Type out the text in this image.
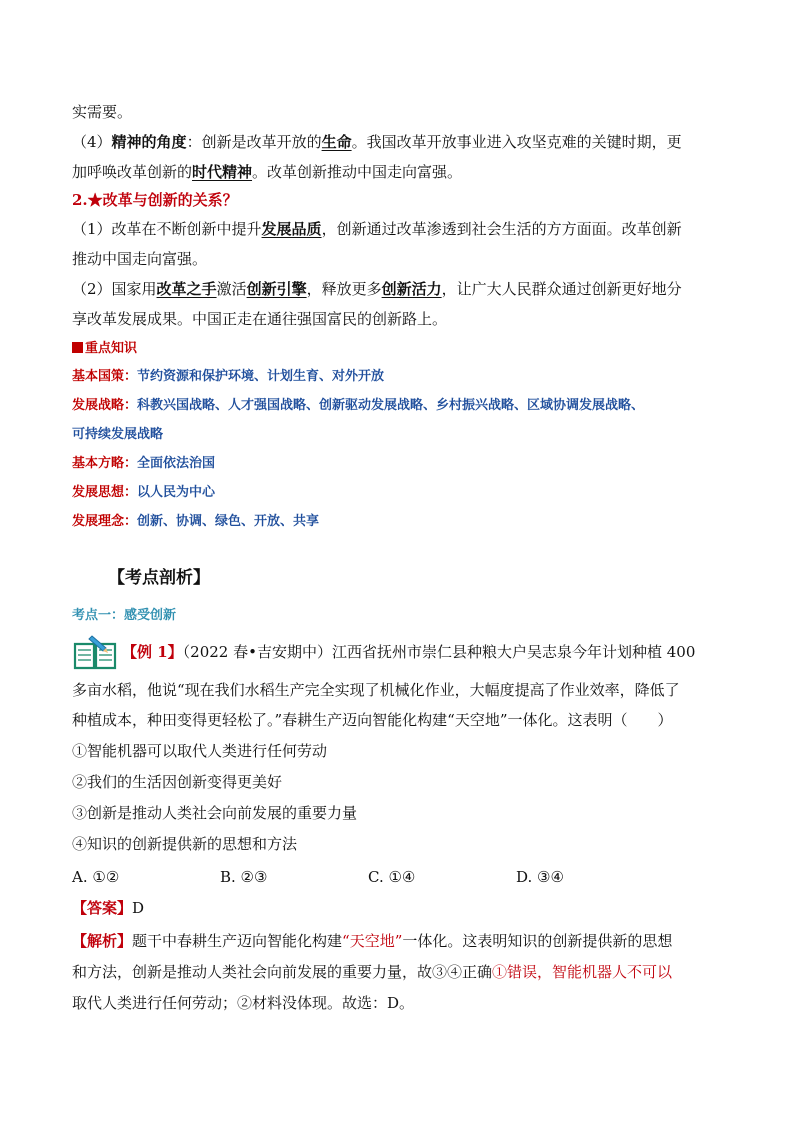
实需要。
（4）精神的角度：创新是改革开放的生命。我国改革开放事业进入攻坚克难的关键时期，更
加呼唤改革创新的时代精神。改革创新推动中国走向富强。
2.★改革与创新的关系？
（1）改革在不断创新中提升发展品质，创新通过改革渗透到社会生活的方方面面。改革创新
推动中国走向富强。
（2）国家用改革之手激活创新引擎，释放更多创新活力，让广大人民群众通过创新更好地分
享改革发展成果。中国正走在通往强国富民的创新路上。
重点知识
基本国策：节约资源和保护环境、计划生育、对外开放
发展战略：科教兴国战略、人才强国战略、创新驱动发展战略、乡村振兴战略、区域协调发展战略、
可持续发展战略
基本方略：全面依法治国
发展思想：以人民为中心
发展理念：创新、协调、绿色、开放、共享
【考点剖析】
考点一：感受创新
【例 1】（2022 春•吉安期中）江西省抚州市崇仁县种粮大户吴志泉今年计划种植 400
多亩水稻，他说“现在我们水稻生产完全实现了机械化作业，大幅度提高了作业效率，降低了
种植成本，种田变得更轻松了。”春耕生产迈向智能化构建“天空地”一体化。这表明（　　）
①智能机器可以取代人类进行任何劳动
②我们的生活因创新变得更美好
③创新是推动人类社会向前发展的重要力量
④知识的创新提供新的思想和方法
A. ①②	B. ②③	C. ①④	D. ③④
【答案】D
【解析】题干中春耕生产迈向智能化构建“天空地”一体化。这表明知识的创新提供新的思想
和方法，创新是推动人类社会向前发展的重要力量，故③④正确①错误，智能机器人不可以
取代人类进行任何劳动；②材料没体现。故选：D。
